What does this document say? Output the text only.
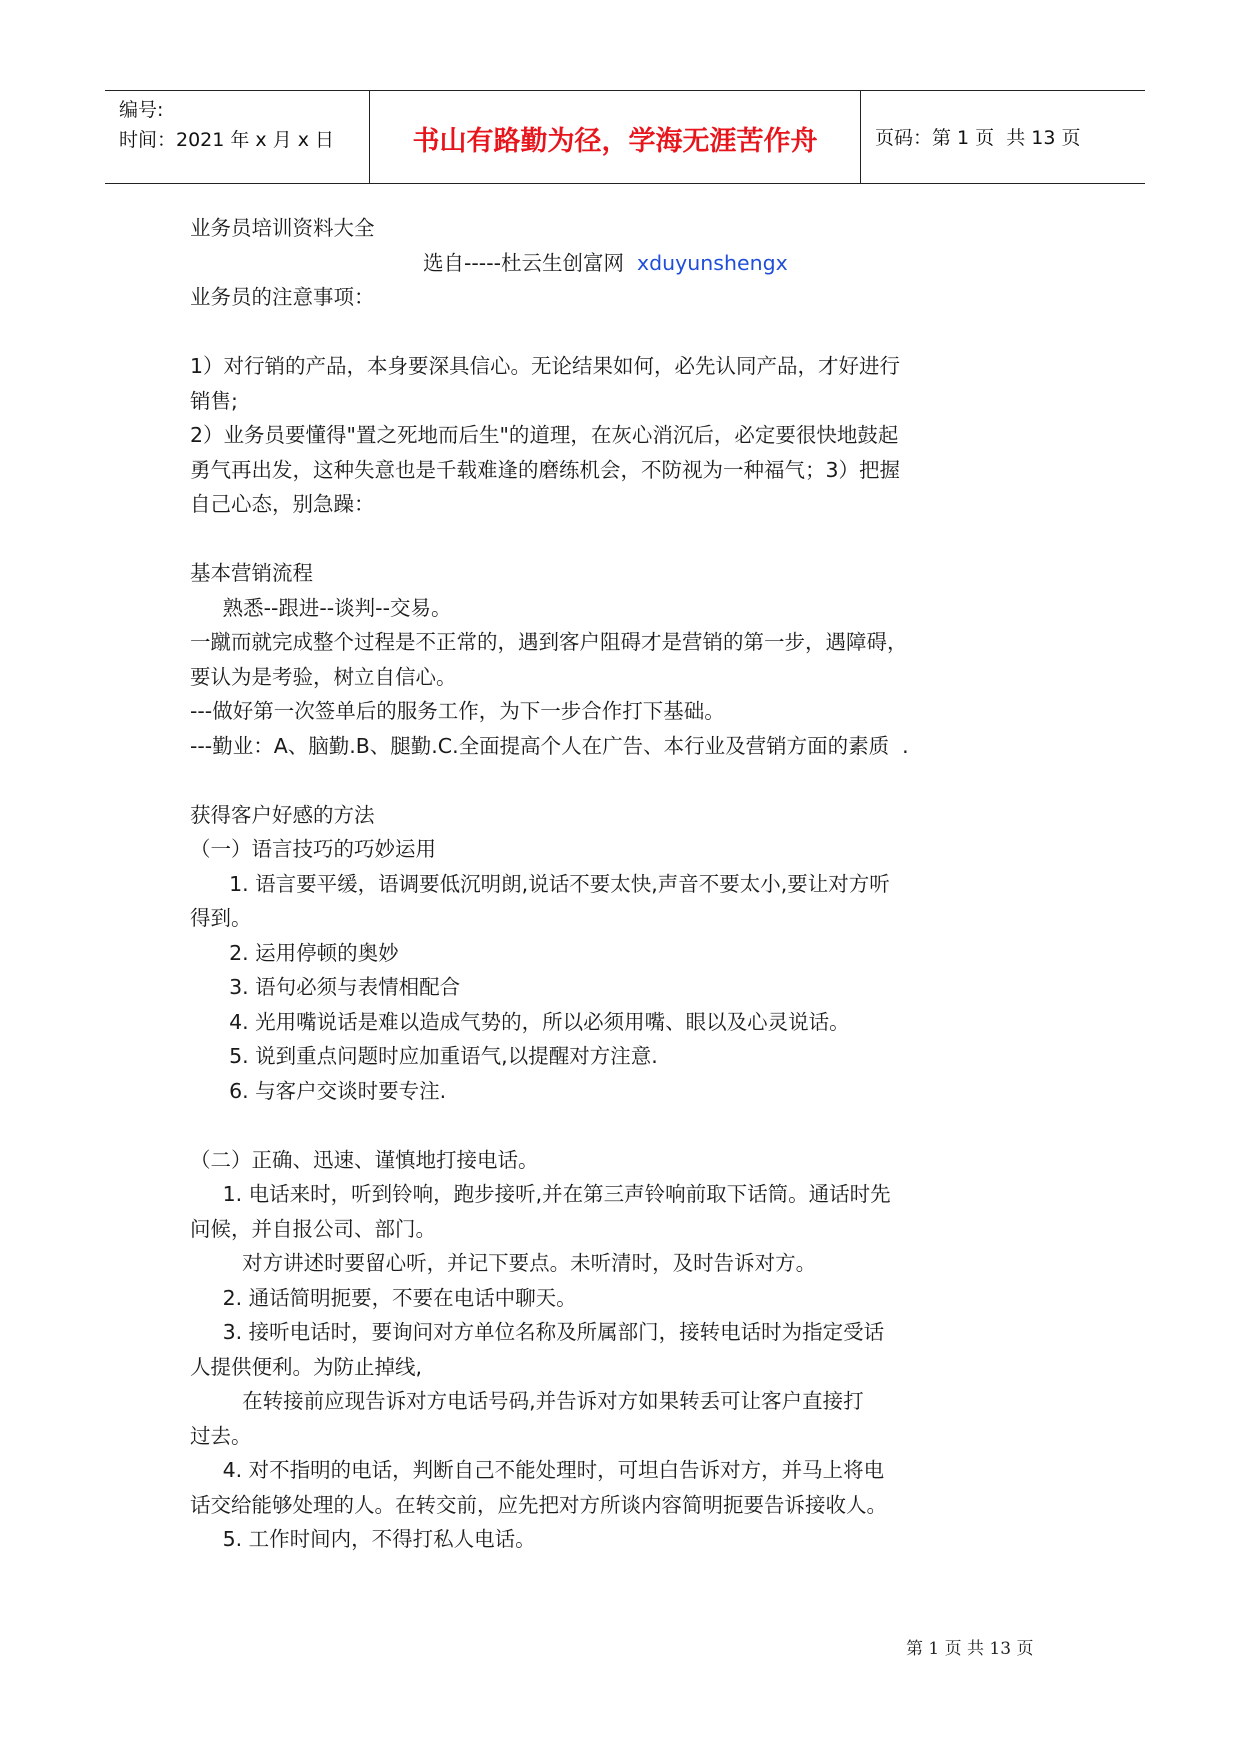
编号:
时间：2021 年 x 月 x 日	书山有路勤为径，学海无涯苦作舟	页码：第 1 页  共 13 页
业务员培训资料大全
选自-----杜云生创富网  xduyunshengx
业务员的注意事项：
1）对行销的产品，本身要深具信心。无论结果如何，必先认同产品，才好进行
销售;
2）业务员要懂得"置之死地而后生"的道理，在灰心消沉后，必定要很快地鼓起
勇气再出发，这种失意也是千载难逢的磨练机会，不防视为一种福气；3）把握
自己心态，别急躁：
基本营销流程
熟悉--跟进--谈判--交易。
一蹴而就完成整个过程是不正常的，遇到客户阻碍才是营销的第一步，遇障碍，
要认为是考验，树立自信心。
---做好第一次签单后的服务工作，为下一步合作打下基础。
---勤业：A、脑勤.B、腿勤.C.全面提高个人在广告、本行业及营销方面的素质  .
获得客户好感的方法
（一）语言技巧的巧妙运用
1. 语言要平缓，语调要低沉明朗,说话不要太快,声音不要太小,要让对方听
得到。
2. 运用停顿的奥妙
3. 语句必须与表情相配合
4. 光用嘴说话是难以造成气势的，所以必须用嘴、眼以及心灵说话。
5. 说到重点问题时应加重语气,以提醒对方注意.
6. 与客户交谈时要专注.
（二）正确、迅速、谨慎地打接电话。
1. 电话来时，听到铃响，跑步接听,并在第三声铃响前取下话筒。通话时先
问候，并自报公司、部门。
对方讲述时要留心听，并记下要点。未听清时，及时告诉对方。
2. 通话简明扼要，不要在电话中聊天。
3. 接听电话时，要询问对方单位名称及所属部门，接转电话时为指定受话
人提供便利。为防止掉线,
在转接前应现告诉对方电话号码,并告诉对方如果转丢可让客户直接打
过去。
4. 对不指明的电话，判断自己不能处理时，可坦白告诉对方，并马上将电
话交给能够处理的人。在转交前，应先把对方所谈内容简明扼要告诉接收人。
5. 工作时间内，不得打私人电话。
第 1 页 共 13 页
